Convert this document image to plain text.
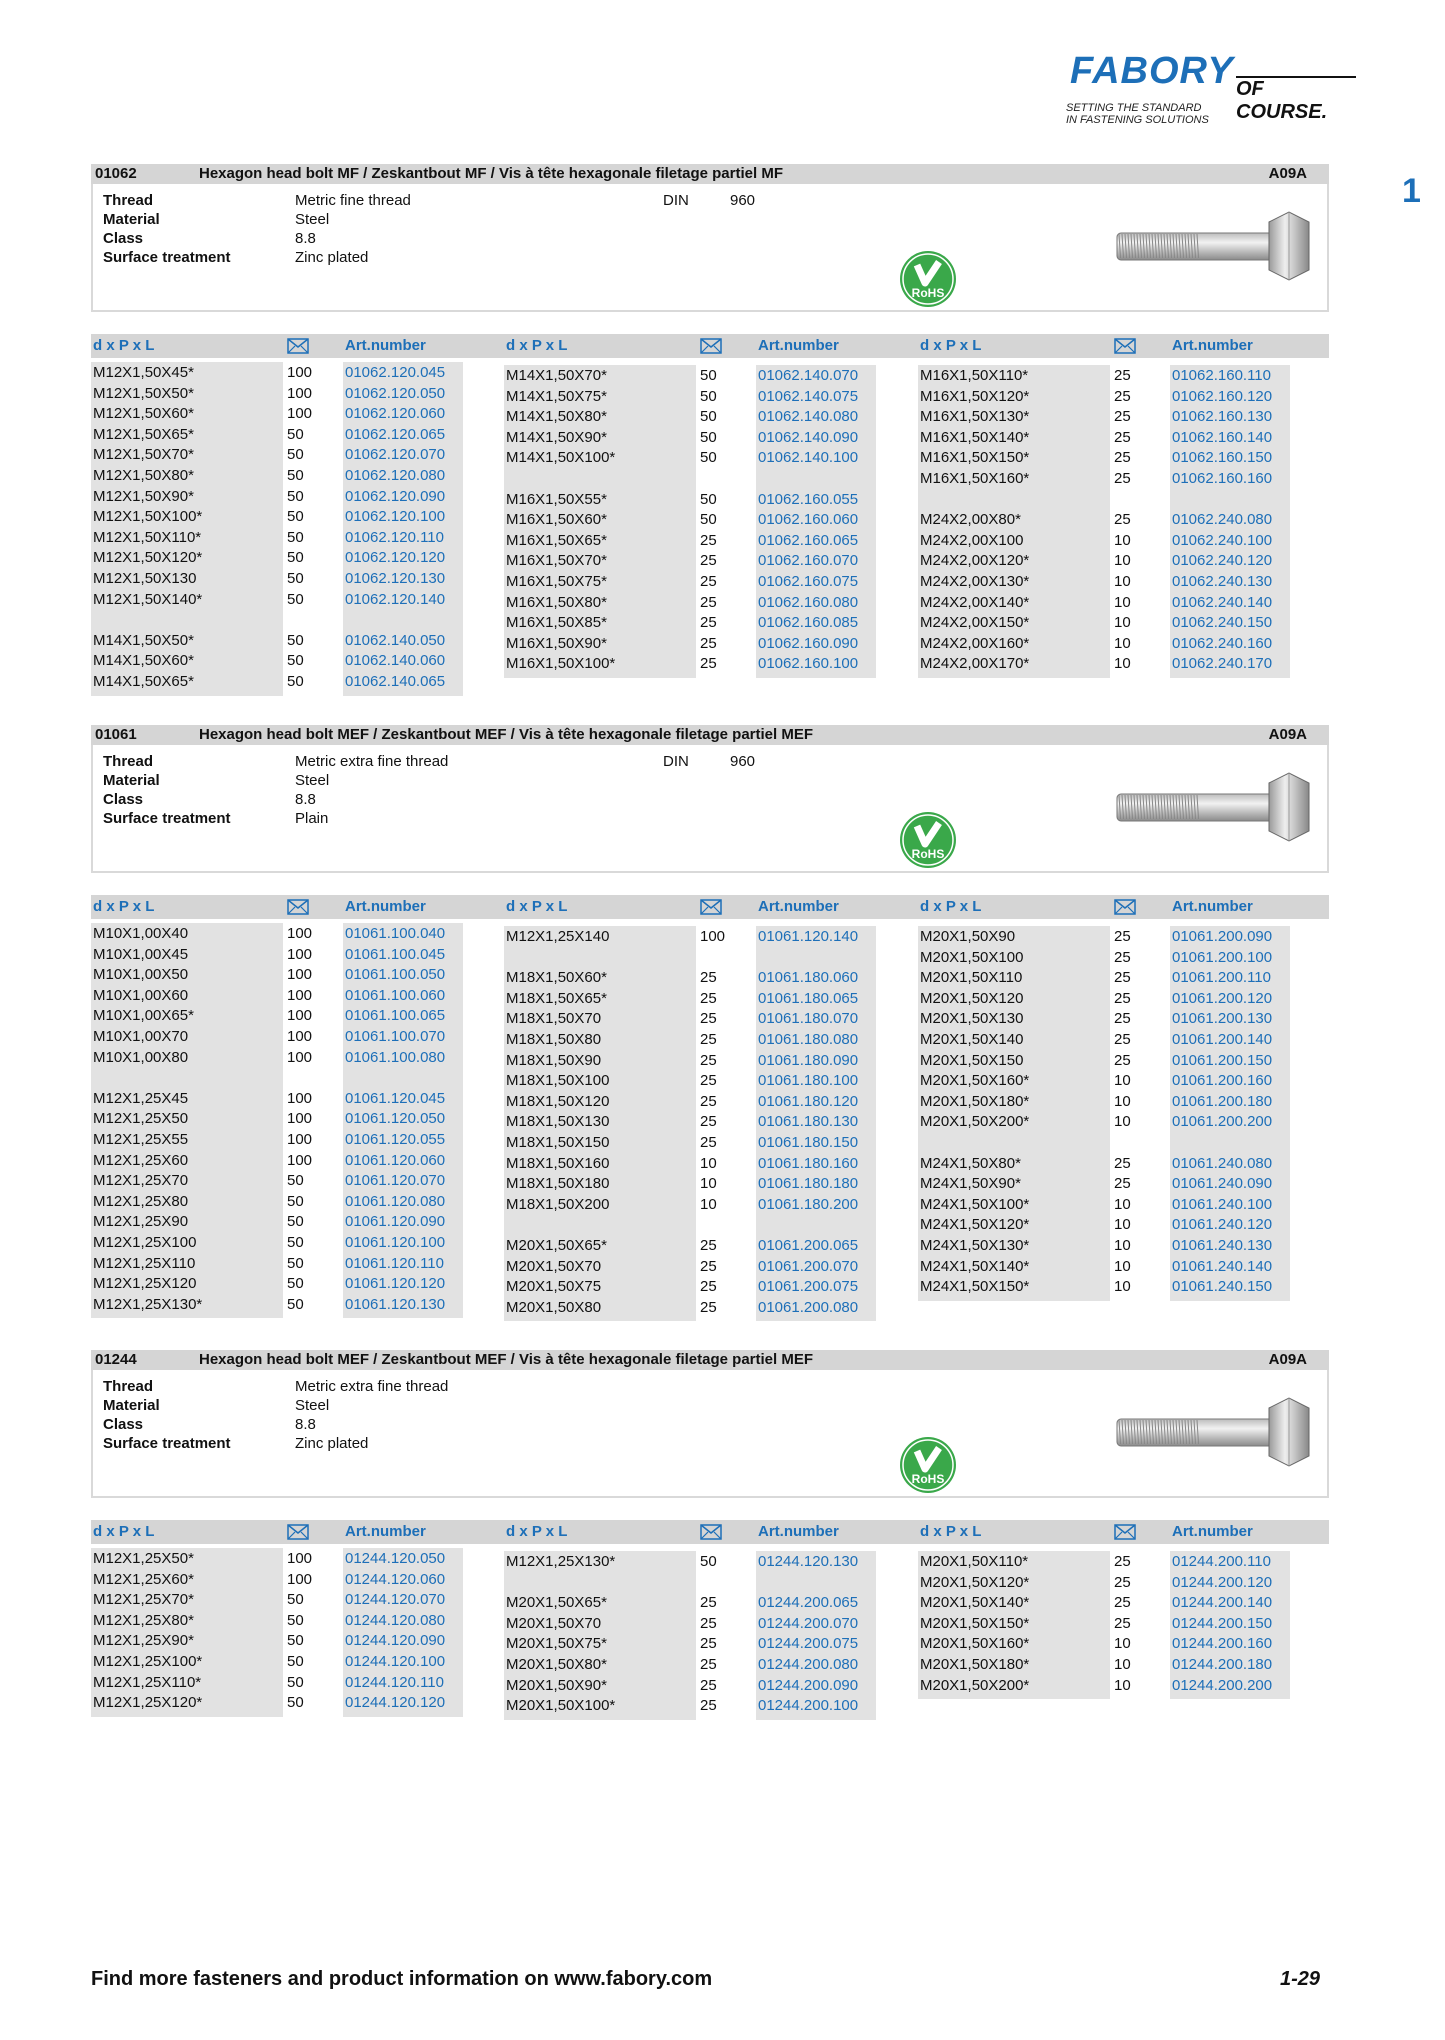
FABORY OF COURSE.
SETTING THE STANDARD
IN FASTENING SOLUTIONS
1
01062	Hexagon head bolt MF / Zeskantbout MF / Vis à tête hexagonale filetage partiel MF	A09A
Thread	Metric fine thread
Material	Steel
Class	8.8
Surface treatment	Zinc plated
DIN	960
RoHS
d x P x L	Art.number	d x P x L	Art.number	d x P x L	Art.number
M12X1,50X45*	100 01062.120.045
M12X1,50X50*	100 01062.120.050
M12X1,50X60*	100 01062.120.060
M12X1,50X65*	50	01062.120.065
M12X1,50X70*	50	01062.120.070
M12X1,50X80*	50	01062.120.080
M12X1,50X90*	50	01062.120.090
M12X1,50X100*	50	01062.120.100
M12X1,50X110*	50	01062.120.110
M12X1,50X120*	50	01062.120.120
M12X1,50X130	50	01062.120.130
M12X1,50X140*	50	01062.120.140
M14X1,50X50*	50	01062.140.050
M14X1,50X60*	50	01062.140.060
M14X1,50X65*	50	01062.140.065
M14X1,50X70*	50	01062.140.070
M14X1,50X75*	50	01062.140.075
M14X1,50X80*	50	01062.140.080
M14X1,50X90*	50	01062.140.090
M14X1,50X100*	50	01062.140.100
M16X1,50X55*	50	01062.160.055
M16X1,50X60*	50	01062.160.060
M16X1,50X65*	25	01062.160.065
M16X1,50X70*	25	01062.160.070
M16X1,50X75*	25	01062.160.075
M16X1,50X80*	25	01062.160.080
M16X1,50X85*	25	01062.160.085
M16X1,50X90*	25	01062.160.090
M16X1,50X100*	25	01062.160.100
M16X1,50X110*	25	01062.160.110
M16X1,50X120*	25	01062.160.120
M16X1,50X130*	25	01062.160.130
M16X1,50X140*	25	01062.160.140
M16X1,50X150*	25	01062.160.150
M16X1,50X160*	25	01062.160.160
M24X2,00X80*	25	01062.240.080
M24X2,00X100	10	01062.240.100
M24X2,00X120*	10	01062.240.120
M24X2,00X130*	10	01062.240.130
M24X2,00X140*	10	01062.240.140
M24X2,00X150*	10	01062.240.150
M24X2,00X160*	10	01062.240.160
M24X2,00X170*	10	01062.240.170
01061	Hexagon head bolt MEF / Zeskantbout MEF / Vis à tête hexagonale filetage partiel MEF	A09A
Thread	Metric extra fine thread
Material	Steel
Class	8.8
Surface treatment	Plain
DIN	960
RoHS
d x P x L	Art.number	d x P x L	Art.number	d x P x L	Art.number
M10X1,00X40	100 01061.100.040
M10X1,00X45	100 01061.100.045
M10X1,00X50	100 01061.100.050
M10X1,00X60	100 01061.100.060
M10X1,00X65*	100 01061.100.065
M10X1,00X70	100 01061.100.070
M10X1,00X80	100 01061.100.080
M12X1,25X45	100 01061.120.045
M12X1,25X50	100 01061.120.050
M12X1,25X55	100 01061.120.055
M12X1,25X60	100 01061.120.060
M12X1,25X70	50	01061.120.070
M12X1,25X80	50	01061.120.080
M12X1,25X90	50	01061.120.090
M12X1,25X100	50	01061.120.100
M12X1,25X110	50	01061.120.110
M12X1,25X120	50	01061.120.120
M12X1,25X130*	50	01061.120.130
M12X1,25X140	100 01061.120.140
M18X1,50X60*	25	01061.180.060
M18X1,50X65*	25	01061.180.065
M18X1,50X70	25	01061.180.070
M18X1,50X80	25	01061.180.080
M18X1,50X90	25	01061.180.090
M18X1,50X100	25	01061.180.100
M18X1,50X120	25	01061.180.120
M18X1,50X130	25	01061.180.130
M18X1,50X150	25	01061.180.150
M18X1,50X160	10	01061.180.160
M18X1,50X180	10	01061.180.180
M18X1,50X200	10	01061.180.200
M20X1,50X65*	25	01061.200.065
M20X1,50X70	25	01061.200.070
M20X1,50X75	25	01061.200.075
M20X1,50X80	25	01061.200.080
M20X1,50X90	25	01061.200.090
M20X1,50X100	25	01061.200.100
M20X1,50X110	25	01061.200.110
M20X1,50X120	25	01061.200.120
M20X1,50X130	25	01061.200.130
M20X1,50X140	25	01061.200.140
M20X1,50X150	25	01061.200.150
M20X1,50X160*	10	01061.200.160
M20X1,50X180*	10	01061.200.180
M20X1,50X200*	10	01061.200.200
M24X1,50X80*	25	01061.240.080
M24X1,50X90*	25	01061.240.090
M24X1,50X100*	10	01061.240.100
M24X1,50X120*	10	01061.240.120
M24X1,50X130*	10	01061.240.130
M24X1,50X140*	10	01061.240.140
M24X1,50X150*	10	01061.240.150
01244	Hexagon head bolt MEF / Zeskantbout MEF / Vis à tête hexagonale filetage partiel MEF	A09A
Thread	Metric extra fine thread
Material	Steel
Class	8.8
Surface treatment	Zinc plated
RoHS
d x P x L	Art.number	d x P x L	Art.number	d x P x L	Art.number
M12X1,25X50*	100 01244.120.050
M12X1,25X60*	100 01244.120.060
M12X1,25X70*	50	01244.120.070
M12X1,25X80*	50	01244.120.080
M12X1,25X90*	50	01244.120.090
M12X1,25X100*	50	01244.120.100
M12X1,25X110*	50	01244.120.110
M12X1,25X120*	50	01244.120.120
M12X1,25X130*	50	01244.120.130
M20X1,50X65*	25	01244.200.065
M20X1,50X70	25	01244.200.070
M20X1,50X75*	25	01244.200.075
M20X1,50X80*	25	01244.200.080
M20X1,50X90*	25	01244.200.090
M20X1,50X100*	25	01244.200.100
M20X1,50X110*	25	01244.200.110
M20X1,50X120*	25	01244.200.120
M20X1,50X140*	25	01244.200.140
M20X1,50X150*	25	01244.200.150
M20X1,50X160*	10	01244.200.160
M20X1,50X180*	10	01244.200.180
M20X1,50X200*	10	01244.200.200
Find more fasteners and product information on www.fabory.com	1-29
